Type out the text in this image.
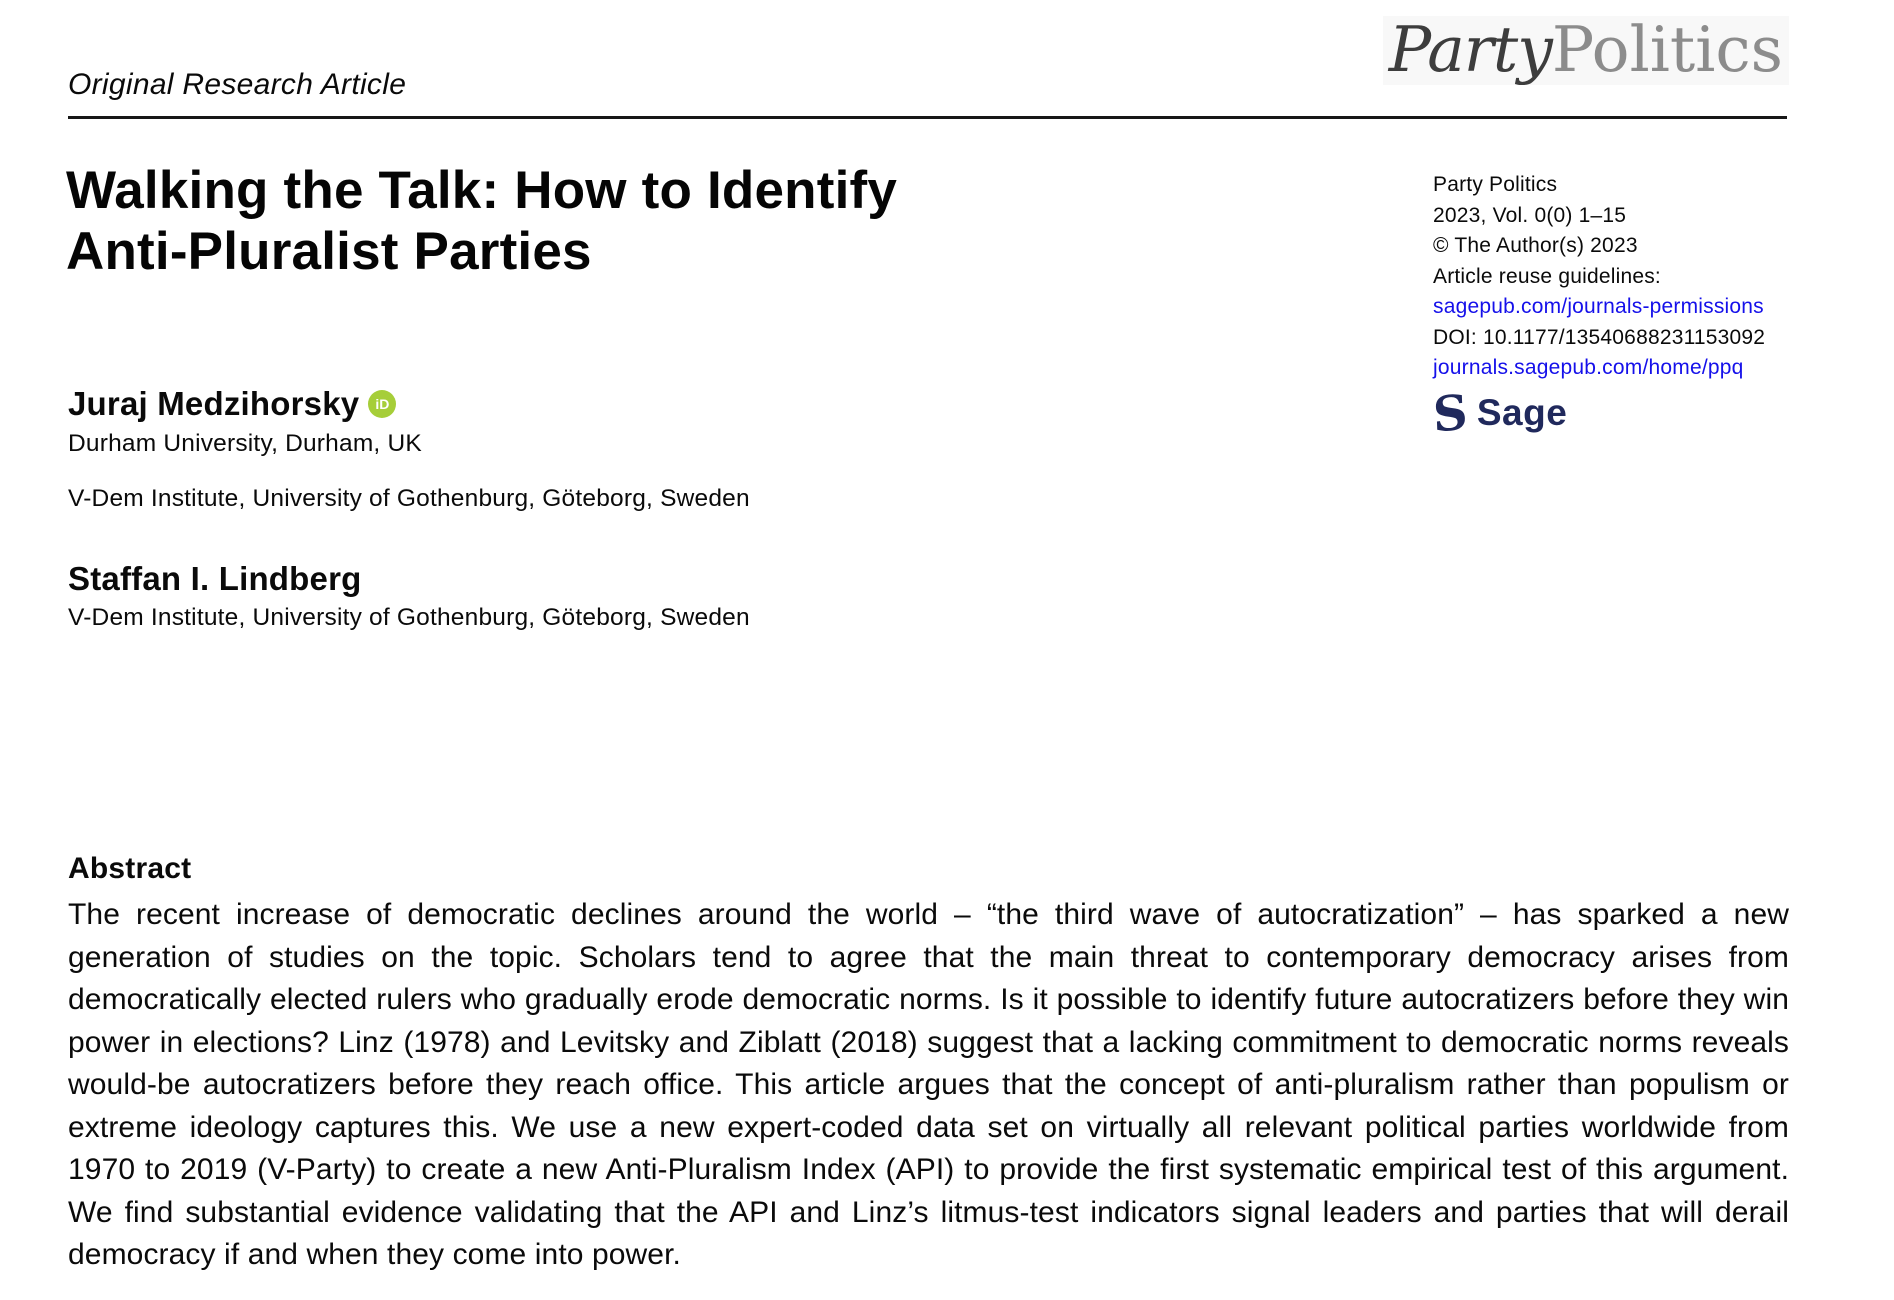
Original Research Article	PartyPolitics
Walking the Talk: How to Identify
Anti-Pluralist Parties
Party Politics
2023, Vol. 0(0) 1–15
© The Author(s) 2023
Article reuse guidelines:
sagepub.com/journals-permissions
DOI: 10.1177/13540688231153092
journals.sagepub.com/home/ppq
S Sage
Juraj Medzihorsky	iD
Durham University, Durham, UK
V-Dem Institute, University of Gothenburg, Göteborg, Sweden
Staffan I. Lindberg
V-Dem Institute, University of Gothenburg, Göteborg, Sweden
Abstract
The recent increase of democratic declines around the world – “the third wave of autocratization” – has sparked a new generation of studies on the topic. Scholars tend to agree that the main threat to contemporary democracy arises from democratically elected rulers who gradually erode democratic norms. Is it possible to identify future autocratizers before they win power in elections? Linz (1978) and Levitsky and Ziblatt (2018) suggest that a lacking commitment to democratic norms reveals would-be autocratizers before they reach office. This article argues that the concept of anti-pluralism rather than populism or extreme ideology captures this. We use a new expert-coded data set on virtually all relevant political parties worldwide from 1970 to 2019 (V-Party) to create a new Anti-Pluralism Index (API) to provide the first systematic empirical test of this argument. We find substantial evidence validating that the API and Linz’s litmus-test indicators signal leaders and parties that will derail democracy if and when they come into power.
